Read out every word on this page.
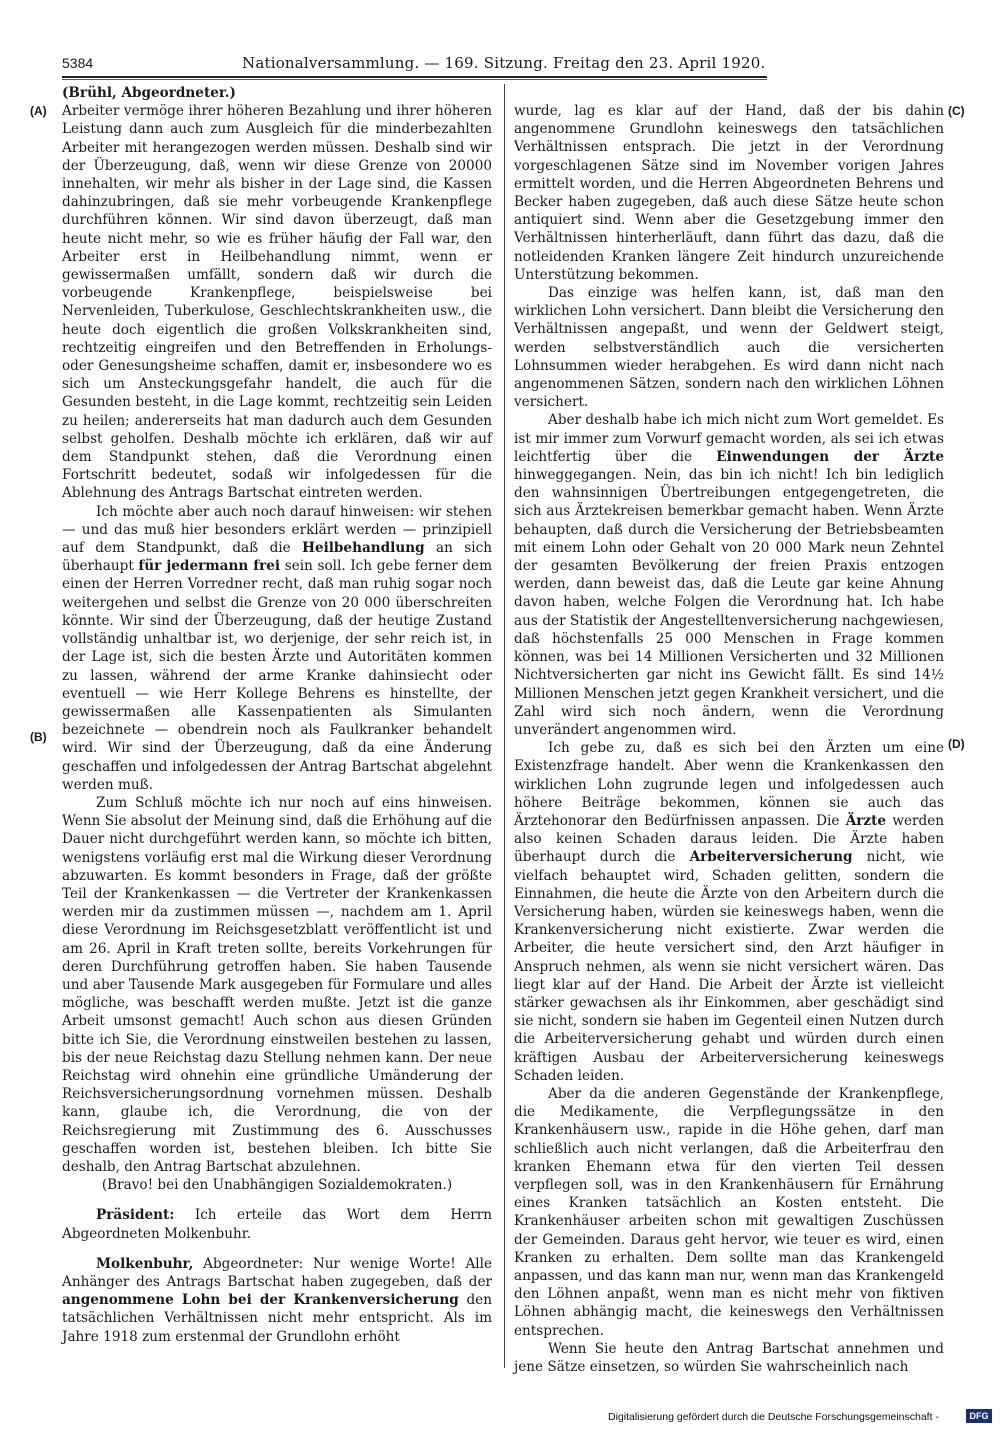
5384	Nationalversammlung. — 169. Sitzung. Freitag den 23. April 1920.
(A)
(B)
(C)
(D)

(Brühl, Abgeordneter.)

Arbeiter vermöge ihrer höheren Bezahlung und ihrer höheren Leistung dann auch zum Ausgleich für die minderbezahlten Arbeiter mit herangezogen werden müssen. Deshalb sind wir der Überzeugung, daß, wenn wir diese Grenze von 20000 innehalten, wir mehr als bisher in der Lage sind, die Kassen dahinzubringen, daß sie mehr vorbeugende Krankenpflege durchführen können. Wir sind davon überzeugt, daß man heute nicht mehr, so wie es früher häufig der Fall war, den Arbeiter erst in Heilbehandlung nimmt, wenn er gewissermaßen umfällt, sondern daß wir durch die vorbeugende Krankenpflege, beispielsweise bei Nervenleiden, Tuberkulose, Geschlechtskrankheiten usw., die heute doch eigentlich die großen Volkskrankheiten sind, rechtzeitig eingreifen und den Betreffenden in Erholungs- oder Genesungsheime schaffen, damit er, insbesondere wo es sich um Ansteckungsgefahr handelt, die auch für die Gesunden besteht, in die Lage kommt, rechtzeitig sein Leiden zu heilen; andererseits hat man dadurch auch dem Gesunden selbst geholfen. Deshalb möchte ich erklären, daß wir auf dem Standpunkt stehen, daß die Verordnung einen Fortschritt bedeutet, sodaß wir infolgedessen für die Ablehnung des Antrags Bartschat eintreten werden.

Ich möchte aber auch noch darauf hinweisen: wir stehen — und das muß hier besonders erklärt werden — prinzipiell auf dem Standpunkt, daß die Heilbehandlung an sich überhaupt für jedermann frei sein soll. Ich gebe ferner dem einen der Herren Vorredner recht, daß man ruhig sogar noch weitergehen und selbst die Grenze von 20 000 überschreiten könnte. Wir sind der Überzeugung, daß der heutige Zustand vollständig unhaltbar ist, wo derjenige, der sehr reich ist, in der Lage ist, sich die besten Ärzte und Autoritäten kommen zu lassen, während der arme Kranke dahinsiecht oder eventuell — wie Herr Kollege Behrens es hinstellte, der gewissermaßen alle Kassenpatienten als Simulanten bezeichnete — obendrein noch als Faulkranker behandelt wird. Wir sind der Überzeugung, daß da eine Änderung geschaffen und infolgedessen der Antrag Bartschat abgelehnt werden muß.

Zum Schluß möchte ich nur noch auf eins hinweisen. Wenn Sie absolut der Meinung sind, daß die Erhöhung auf die Dauer nicht durchgeführt werden kann, so möchte ich bitten, wenigstens vorläufig erst mal die Wirkung dieser Verordnung abzuwarten. Es kommt besonders in Frage, daß der größte Teil der Krankenkassen — die Vertreter der Krankenkassen werden mir da zustimmen müssen —, nachdem am 1. April diese Verordnung im Reichsgesetzblatt veröffentlicht ist und am 26. April in Kraft treten sollte, bereits Vorkehrungen für deren Durchführung getroffen haben. Sie haben Tausende und aber Tausende Mark ausgegeben für Formulare und alles mögliche, was beschafft werden mußte. Jetzt ist die ganze Arbeit umsonst gemacht! Auch schon aus diesen Gründen bitte ich Sie, die Verordnung einstweilen bestehen zu lassen, bis der neue Reichstag dazu Stellung nehmen kann. Der neue Reichstag wird ohnehin eine gründliche Umänderung der Reichsversicherungsordnung vornehmen müssen. Deshalb kann, glaube ich, die Verordnung, die von der Reichsregierung mit Zustimmung des 6. Ausschusses geschaffen worden ist, bestehen bleiben. Ich bitte Sie deshalb, den Antrag Bartschat abzulehnen.

(Bravo! bei den Unabhängigen Sozialdemokraten.)

Präsident: Ich erteile das Wort dem Herrn Abgeordneten Molkenbuhr.

Molkenbuhr, Abgeordneter: Nur wenige Worte! Alle Anhänger des Antrags Bartschat haben zugegeben, daß der angenommene Lohn bei der Krankenversicherung den tatsächlichen Verhältnissen nicht mehr entspricht. Als im Jahre 1918 zum erstenmal der Grundlohn erhöht

wurde, lag es klar auf der Hand, daß der bis dahin angenommene Grundlohn keineswegs den tatsächlichen Verhältnissen entsprach. Die jetzt in der Verordnung vorgeschlagenen Sätze sind im November vorigen Jahres ermittelt worden, und die Herren Abgeordneten Behrens und Becker haben zugegeben, daß auch diese Sätze heute schon antiquiert sind. Wenn aber die Gesetzgebung immer den Verhältnissen hinterherläuft, dann führt das dazu, daß die notleidenden Kranken längere Zeit hindurch unzureichende Unterstützung bekommen.

Das einzige was helfen kann, ist, daß man den wirklichen Lohn versichert. Dann bleibt die Versicherung den Verhältnissen angepaßt, und wenn der Geldwert steigt, werden selbstverständlich auch die versicherten Lohnsummen wieder herabgehen. Es wird dann nicht nach angenommenen Sätzen, sondern nach den wirklichen Löhnen versichert.

Aber deshalb habe ich mich nicht zum Wort gemeldet. Es ist mir immer zum Vorwurf gemacht worden, als sei ich etwas leichtfertig über die Einwendungen der Ärzte hinweggegangen. Nein, das bin ich nicht! Ich bin lediglich den wahnsinnigen Übertreibungen entgegengetreten, die sich aus Ärztekreisen bemerkbar gemacht haben. Wenn Ärzte behaupten, daß durch die Versicherung der Betriebsbeamten mit einem Lohn oder Gehalt von 20 000 Mark neun Zehntel der gesamten Bevölkerung der freien Praxis entzogen werden, dann beweist das, daß die Leute gar keine Ahnung davon haben, welche Folgen die Verordnung hat. Ich habe aus der Statistik der Angestelltenversicherung nachgewiesen, daß höchstenfalls 25 000 Menschen in Frage kommen können, was bei 14 Millionen Versicherten und 32 Millionen Nichtversicherten gar nicht ins Gewicht fällt. Es sind 14½ Millionen Menschen jetzt gegen Krankheit versichert, und die Zahl wird sich noch ändern, wenn die Verordnung unverändert angenommen wird.

Ich gebe zu, daß es sich bei den Ärzten um eine Existenzfrage handelt. Aber wenn die Krankenkassen den wirklichen Lohn zugrunde legen und infolgedessen auch höhere Beiträge bekommen, können sie auch das Ärztehonorar den Bedürfnissen anpassen. Die Ärzte werden also keinen Schaden daraus leiden. Die Ärzte haben überhaupt durch die Arbeiterversicherung nicht, wie vielfach behauptet wird, Schaden gelitten, sondern die Einnahmen, die heute die Ärzte von den Arbeitern durch die Versicherung haben, würden sie keineswegs haben, wenn die Krankenversicherung nicht existierte. Zwar werden die Arbeiter, die heute versichert sind, den Arzt häufiger in Anspruch nehmen, als wenn sie nicht versichert wären. Das liegt klar auf der Hand. Die Arbeit der Ärzte ist vielleicht stärker gewachsen als ihr Einkommen, aber geschädigt sind sie nicht, sondern sie haben im Gegenteil einen Nutzen durch die Arbeiterversicherung gehabt und würden durch einen kräftigen Ausbau der Arbeiterversicherung keineswegs Schaden leiden.

Aber da die anderen Gegenstände der Krankenpflege, die Medikamente, die Verpflegungssätze in den Krankenhäusern usw., rapide in die Höhe gehen, darf man schließlich auch nicht verlangen, daß die Arbeiterfrau den kranken Ehemann etwa für den vierten Teil dessen verpflegen soll, was in den Krankenhäusern für Ernährung eines Kranken tatsächlich an Kosten entsteht. Die Krankenhäuser arbeiten schon mit gewaltigen Zuschüssen der Gemeinden. Daraus geht hervor, wie teuer es wird, einen Kranken zu erhalten. Dem sollte man das Krankengeld anpassen, und das kann man nur, wenn man das Krankengeld den Löhnen anpaßt, wenn man es nicht mehr von fiktiven Löhnen abhängig macht, die keineswegs den Verhältnissen entsprechen.

Wenn Sie heute den Antrag Bartschat annehmen und jene Sätze einsetzen, so würden Sie wahrscheinlich nach

Digitalisierung gefördert durch die Deutsche Forschungsgemeinschaft -	DFG
